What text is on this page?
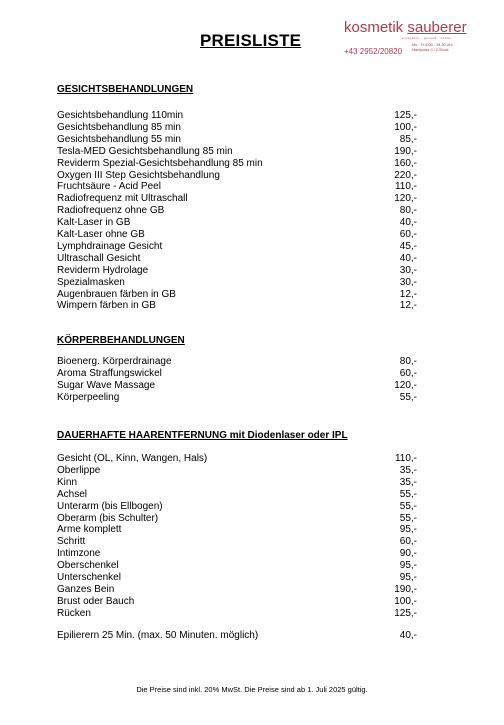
PREISLISTE
kosmetik sauberer
entspannt · gesund · schön
+43 2952/20820
Mo - Fr 8.00 - 18.30 Uhr
Marktplatz 4 / 2.Stock
GESICHTSBEHANDLUNGEN
Gesichtsbehandlung 110min	125,-
Gesichtsbehandlung 85 min	100,-
Gesichtsbehandlung 55 min	85,-
Tesla-MED Gesichtsbehandlung 85 min	190,-
Reviderm Spezial-Gesichtsbehandlung 85 min	160,-
Oxygen III Step Gesichtsbehandlung	220,-
Fruchtsäure - Acid Peel	110,-
Radiofrequenz mit Ultraschall	120,-
Radiofrequenz ohne GB	80,-
Kalt-Laser in GB	40,-
Kalt-Laser ohne GB	60,-
Lymphdrainage Gesicht	45,-
Ultraschall Gesicht	40,-
Reviderm Hydrolage	30,-
Spezialmasken	30,-
Augenbrauen färben in GB	12,-
Wimpern färben in GB	12,-
KÖRPERBEHANDLUNGEN
Bioenerg. Körperdrainage	80,-
Aroma Straffungswickel	60,-
Sugar Wave Massage	120,-
Körperpeeling	55,-
DAUERHAFTE HAARENTFERNUNG mit Diodenlaser oder IPL
Gesicht (OL, Kinn, Wangen, Hals)	110,-
Oberlippe	35,-
Kinn	35,-
Achsel	55,-
Unterarm (bis Ellbogen)	55,-
Oberarm (bis Schulter)	55,-
Arme komplett	95,-
Schritt	60,-
Intimzone	90,-
Oberschenkel	95,-
Unterschenkel	95,-
Ganzes Bein	190,-
Brust oder Bauch	100,-
Rücken	125,-
Epilierern 25 Min. (max. 50 Minuten. möglich)	40,-
Die Preise sind inkl. 20% MwSt. Die Preise sind ab 1. Juli 2025 gültig.
